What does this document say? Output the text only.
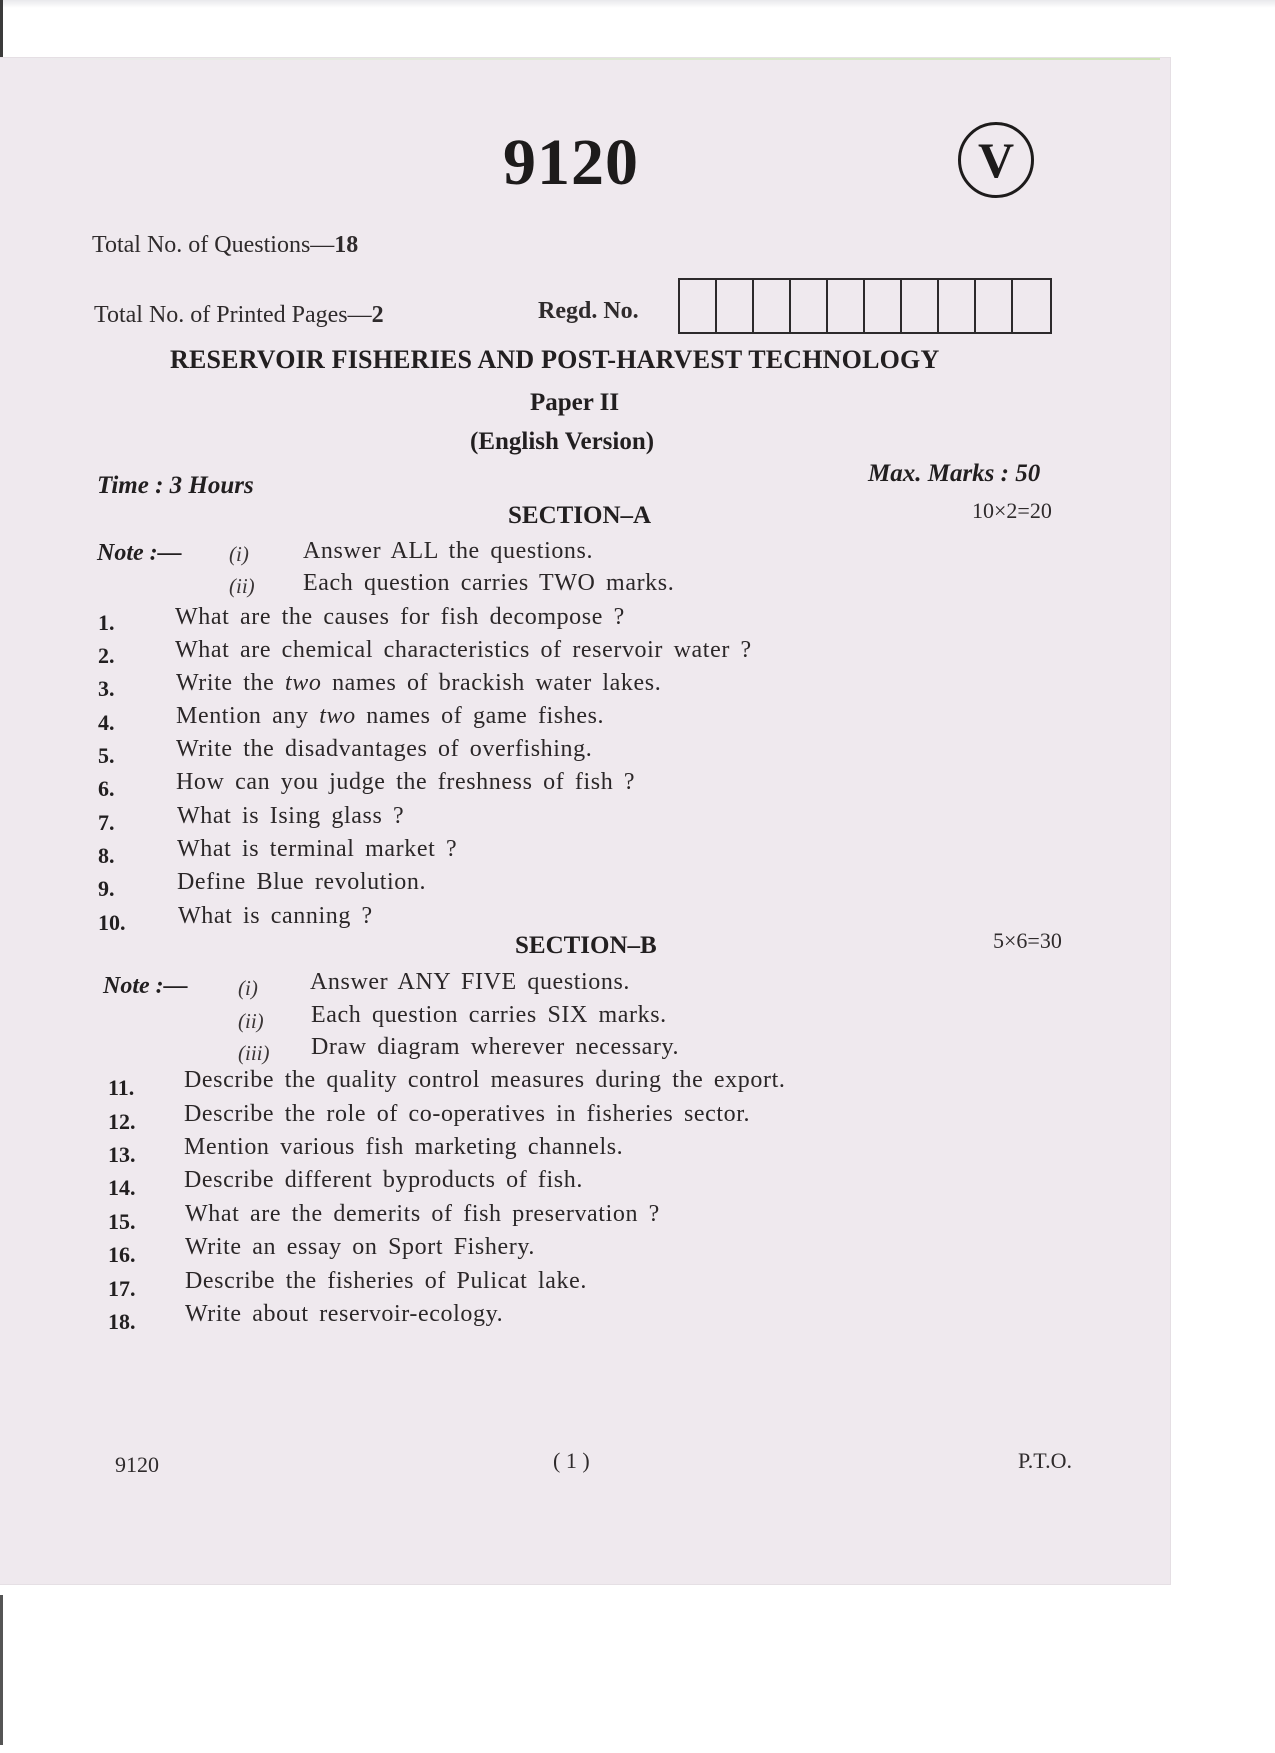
9120	V
Total No. of Questions—18
Total No. of Printed Pages—2	Regd. No.
RESERVOIR FISHERIES AND POST-HARVEST TECHNOLOGY
Paper II
(English Version)
Time : 3 Hours	Max. Marks : 50
SECTION–A	10×2=20
Note :— (i) Answer ALL the questions.
(ii) Each question carries TWO marks.
1.	What are the causes for fish decompose ?
2.	What are chemical characteristics of reservoir water ?
3.	Write the two names of brackish water lakes.
4.	Mention any two names of game fishes.
5.	Write the disadvantages of overfishing.
6.	How can you judge the freshness of fish ?
7.	What is Ising glass ?
8.	What is terminal market ?
9.	Define Blue revolution.
10. What is canning ?
SECTION–B	5×6=30
Note :— (i) Answer ANY FIVE questions.
(ii) Each question carries SIX marks.
(iii) Draw diagram wherever necessary.
11. Describe the quality control measures during the export.
12. Describe the role of co-operatives in fisheries sector.
13. Mention various fish marketing channels.
14. Describe different byproducts of fish.
15. What are the demerits of fish preservation ?
16. Write an essay on Sport Fishery.
17. Describe the fisheries of Pulicat lake.
18. Write about reservoir-ecology.
9120	( 1 )	P.T.O.
